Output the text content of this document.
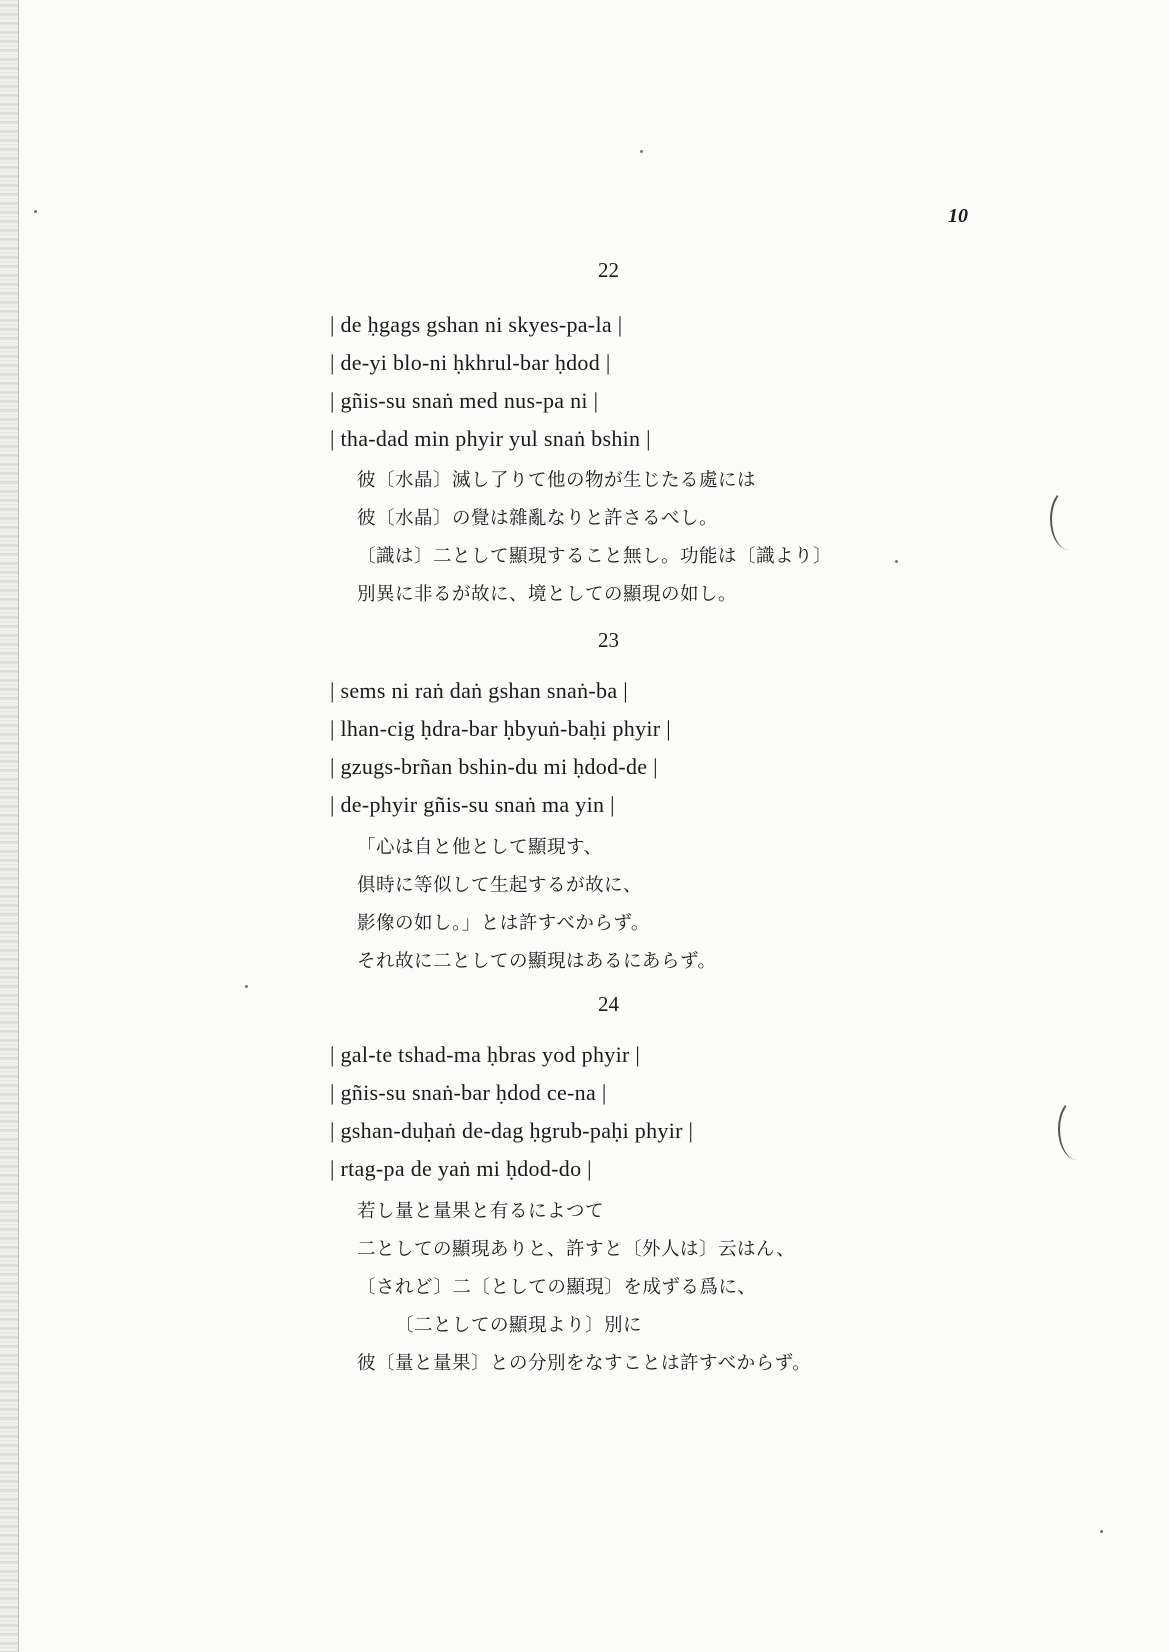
10
22
| de ḥgags gshan ni skyes-pa-la |
| de-yi blo-ni ḥkhrul-bar ḥdod |
| gñis-su snaṅ med nus-pa ni |
| tha-dad min phyir yul snaṅ bshin |
彼〔水晶〕滅し了りて他の物が生じたる處には
彼〔水晶〕の覺は雜亂なりと許さるべし。
〔識は〕二として顯現すること無し。功能は〔識より〕
別異に非るが故に、境としての顯現の如し。
23
| sems ni raṅ daṅ gshan snaṅ-ba |
| lhan-cig ḥdra-bar ḥbyuṅ-baḥi phyir |
| gzugs-brñan bshin-du mi ḥdod-de |
| de-phyir gñis-su snaṅ ma yin |
「心は自と他として顯現す、
俱時に等似して生起するが故に、
影像の如し。」とは許すべからず。
それ故に二としての顯現はあるにあらず。
24
| gal-te tshad-ma ḥbras yod phyir |
| gñis-su snaṅ-bar ḥdod ce-na |
| gshan-duḥaṅ de-dag ḥgrub-paḥi phyir |
| rtag-pa de yaṅ mi ḥdod-do |
若し量と量果と有るによつて
二としての顯現ありと、許すと〔外人は〕云はん、
〔されど〕二〔としての顯現〕を成ずる爲に、
〔二としての顯現より〕別に
彼〔量と量果〕との分別をなすことは許すべからず。
